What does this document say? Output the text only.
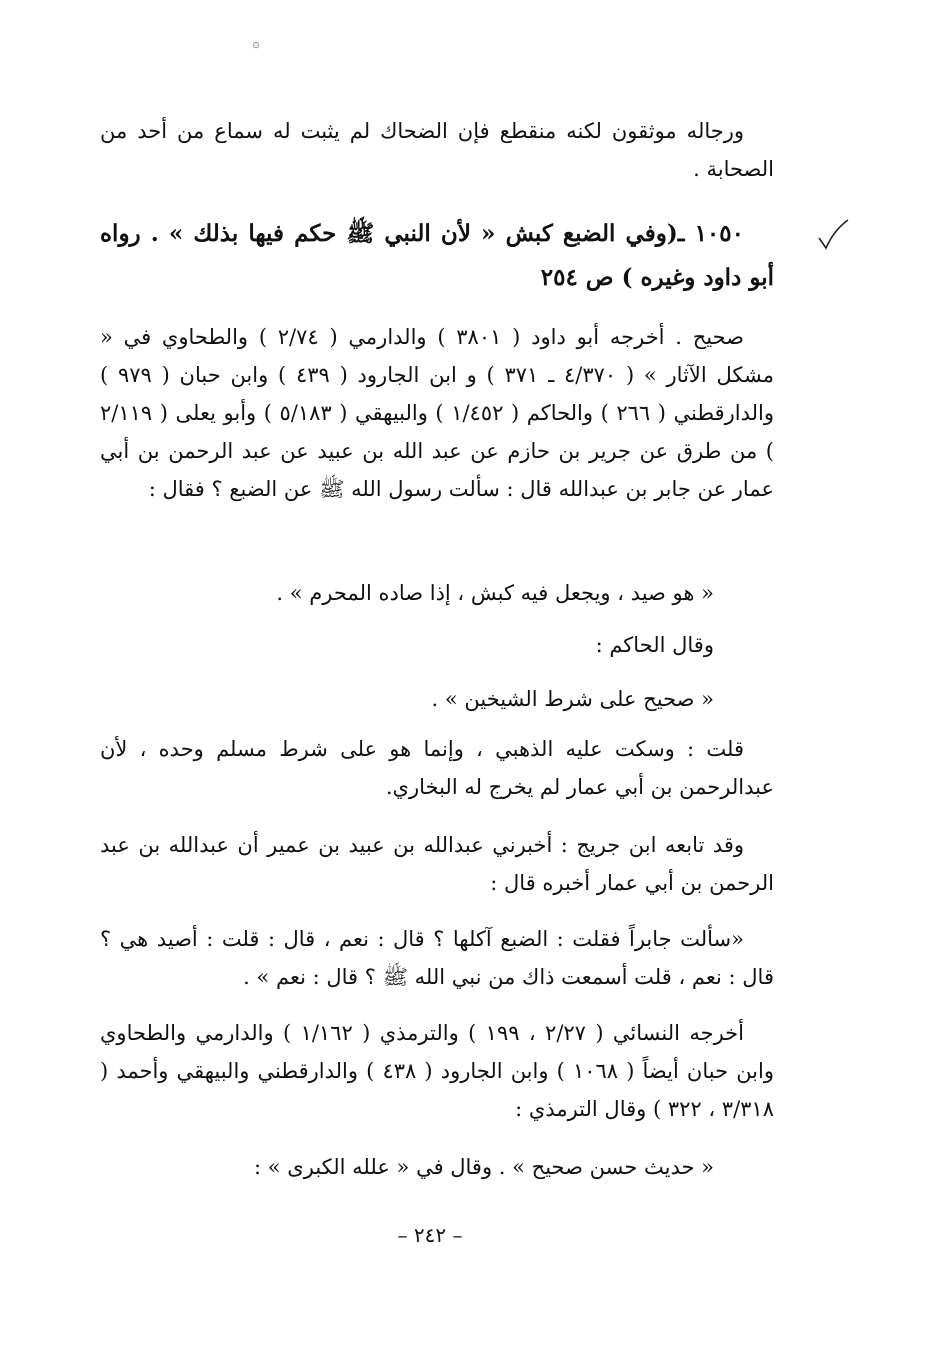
۞

ورجاله موثقون لكنه منقطع فإن الضحاك لم يثبت له سماع من أحد من الصحابة .

١٠٥٠ ـ(وفي الضبع كبش « لأن النبي ﷺ حكم فيها بذلك » . رواه أبو داود وغيره ) ص ٢٥٤

صحيح . أخرجه أبو داود ( ٣٨٠١ ) والدارمي ( ٢/٧٤ ) والطحاوي في « مشكل الآثار » ( ٤/٣٧٠ ـ ٣٧١ ) و ابن الجارود ( ٤٣٩ ) وابن حبان ( ٩٧٩ ) والدارقطني ( ٢٦٦ ) والحاكم ( ١/٤٥٢ ) والبيهقي ( ٥/١٨٣ ) وأبو يعلى ( ٢/١١٩ ) من طرق عن جرير بن حازم عن عبد الله بن عبيد عن عبد الرحمن بن أبي عمار عن جابر بن عبدالله قال : سألت رسول الله ﷺ عن الضبع ؟ فقال :

« هو صيد ، ويجعل فيه كبش ، إذا صاده المحرم » .

وقال الحاكم :

« صحيح على شرط الشيخين » .

قلت : وسكت عليه الذهبي ، وإنما هو على شرط مسلم وحده ، لأن عبدالرحمن بن أبي عمار لم يخرج له البخاري.

وقد تابعه ابن جريج : أخبرني عبدالله بن عبيد بن عمير أن عبدالله بن عبد الرحمن بن أبي عمار أخبره قال :

«سألت جابراً فقلت : الضبع آكلها ؟ قال : نعم ، قال : قلت : أصيد هي ؟ قال : نعم ، قلت أسمعت ذاك من نبي الله ﷺ ؟ قال : نعم » .

أخرجه النسائي ( ٢/٢٧ ، ١٩٩ ) والترمذي ( ١/١٦٢ ) والدارمي والطحاوي وابن حبان أيضاً ( ١٠٦٨ ) وابن الجارود ( ٤٣٨ ) والدارقطني والبيهقي وأحمد ( ٣/٣١٨ ، ٣٢٢ ) وقال الترمذي :

« حديث حسن صحيح » . وقال في « علله الكبرى » :

– ٢٤٢ –
